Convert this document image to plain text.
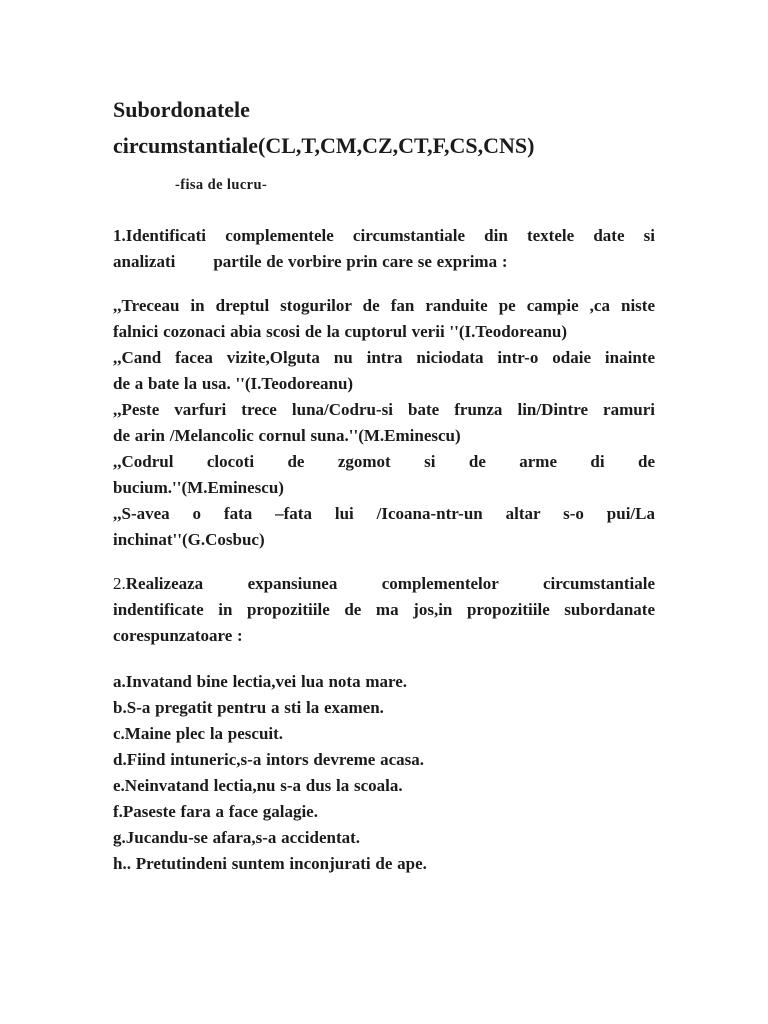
Subordonatele
circumstantiale(CL,T,CM,CZ,CT,F,CS,CNS)
-fisa de lucru-
1.Identificati complementele circumstantiale din textele date si
analizati        partile de vorbire prin care se exprima :
,,Treceau in dreptul stogurilor de fan randuite pe campie ,ca niste
falnici cozonaci abia scosi de la cuptorul verii ''(I.Teodoreanu)
,,Cand facea vizite,Olguta nu intra niciodata intr-o odaie inainte
de a bate la usa. ''(I.Teodoreanu)
,,Peste varfuri trece luna/Codru-si bate frunza lin/Dintre ramuri
de arin /Melancolic cornul suna.''(M.Eminescu)
,,Codrul clocoti de zgomot si de arme di de
bucium.''(M.Eminescu)
,,S-avea o fata –fata lui /Icoana-ntr-un altar s-o pui/La
inchinat''(G.Cosbuc)
2.Realizeaza expansiunea complementelor circumstantiale
indentificate in propozitiile de ma jos,in propozitiile subordanate
corespunzatoare :
a.Invatand bine lectia,vei lua nota mare.
b.S-a pregatit pentru a sti la examen.
c.Maine plec la pescuit.
d.Fiind intuneric,s-a intors devreme acasa.
e.Neinvatand lectia,nu s-a dus la scoala.
f.Paseste fara a face galagie.
g.Jucandu-se afara,s-a accidentat.
h.. Pretutindeni suntem inconjurati de ape.
